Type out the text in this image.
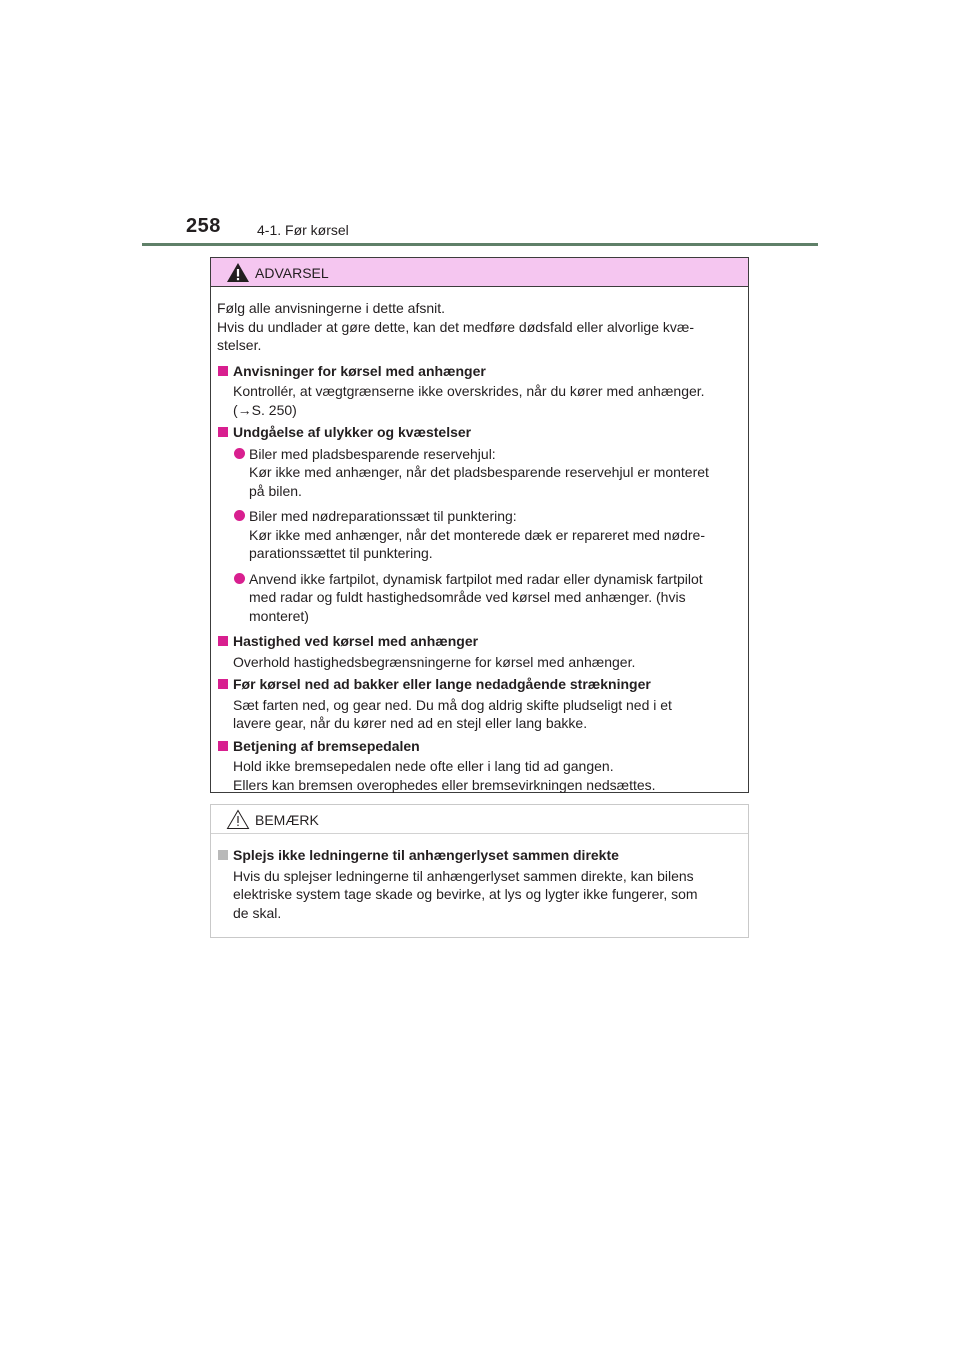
258	4-1. Før kørsel
ADVARSEL
Følg alle anvisningerne i dette afsnit.
Hvis du undlader at gøre dette, kan det medføre dødsfald eller alvorlige kvæ-
stelser.
Anvisninger for kørsel med anhænger
Kontrollér, at vægtgrænserne ikke overskrides, når du kører med anhænger.
(→S. 250)
Undgåelse af ulykker og kvæstelser
Biler med pladsbesparende reservehjul:
Kør ikke med anhænger, når det pladsbesparende reservehjul er monteret
på bilen.
Biler med nødreparationssæt til punktering:
Kør ikke med anhænger, når det monterede dæk er repareret med nødre-
parationssættet til punktering.
Anvend ikke fartpilot, dynamisk fartpilot med radar eller dynamisk fartpilot
med radar og fuldt hastighedsområde ved kørsel med anhænger. (hvis
monteret)
Hastighed ved kørsel med anhænger
Overhold hastighedsbegrænsningerne for kørsel med anhænger.
Før kørsel ned ad bakker eller lange nedadgående strækninger
Sæt farten ned, og gear ned. Du må dog aldrig skifte pludseligt ned i et
lavere gear, når du kører ned ad en stejl eller lang bakke.
Betjening af bremsepedalen
Hold ikke bremsepedalen nede ofte eller i lang tid ad gangen.
Ellers kan bremsen overophedes eller bremsevirkningen nedsættes.
BEMÆRK
Splejs ikke ledningerne til anhængerlyset sammen direkte
Hvis du splejser ledningerne til anhængerlyset sammen direkte, kan bilens
elektriske system tage skade og bevirke, at lys og lygter ikke fungerer, som
de skal.
